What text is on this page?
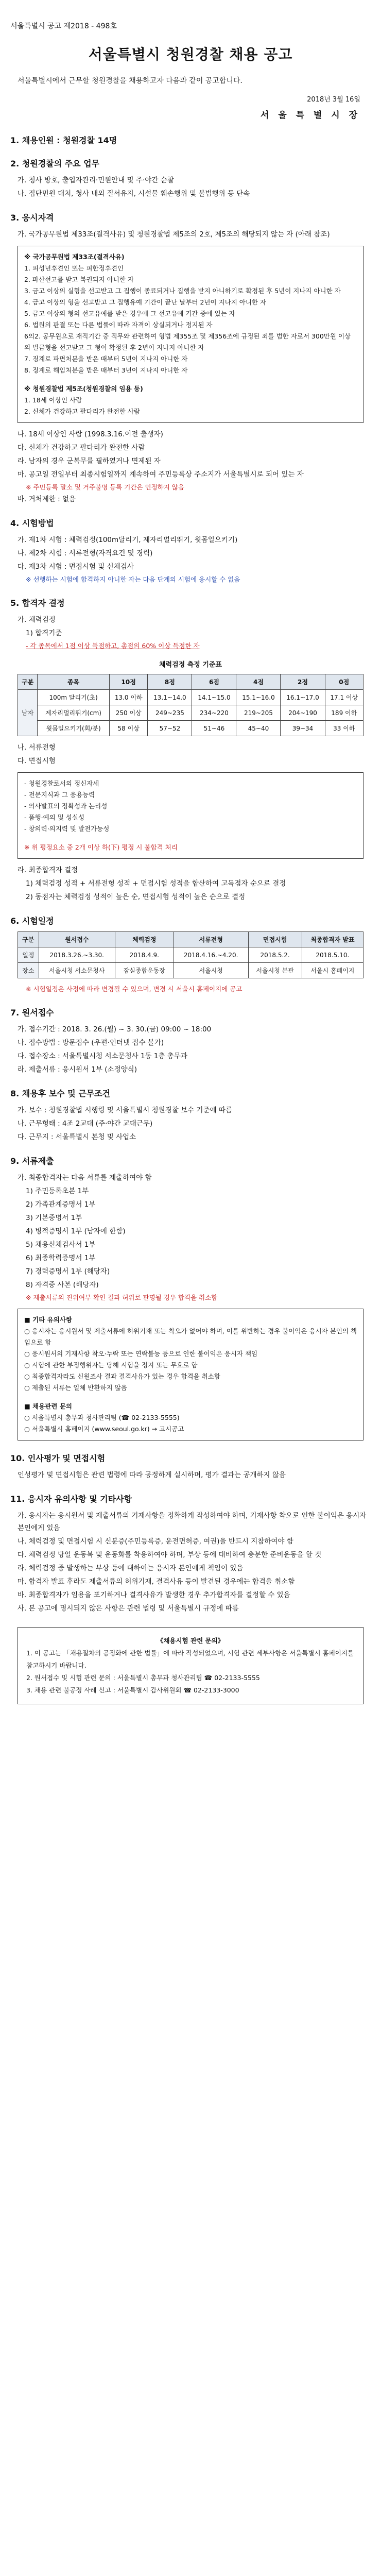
서울특별시 공고 제2018 - 498호
서울특별시 청원경찰 채용 공고
서울특별시에서 근무할 청원경찰을 채용하고자 다음과 같이 공고합니다.
2018년 3월 16일
서 울 특 별 시 장
1. 채용인원 : 청원경찰 14명
2. 청원경찰의 주요 업무
가. 청사 방호, 출입자관리·민원안내 및 주·야간 순찰
나. 집단민원 대처, 청사 내외 질서유지, 시설물 훼손행위 및 불법행위 등 단속
3. 응시자격
가. 국가공무원법 제33조(결격사유) 및 청원경찰법 제5조의 2호, 제5조의 해당되지 않는 자 (아래 참조)
※ 국가공무원법 제33조(결격사유)
1. 피성년후견인 또는 피한정후견인
2. 파산선고를 받고 복권되지 아니한 자
3. 금고 이상의 실형을 선고받고 그 집행이 종료되거나 집행을 받지 아니하기로 확정된 후 5년이 지나지 아니한 자
4. 금고 이상의 형을 선고받고 그 집행유예 기간이 끝난 날부터 2년이 지나지 아니한 자
5. 금고 이상의 형의 선고유예를 받은 경우에 그 선고유예 기간 중에 있는 자
6. 법원의 판결 또는 다른 법률에 따라 자격이 상실되거나 정지된 자
6의2. 공무원으로 재직기간 중 직무와 관련하여 형법 제355조 및 제356조에 규정된 죄를 범한 자로서 300만원 이상의 벌금형을 선고받고 그 형이 확정된 후 2년이 지나지 아니한 자
7. 징계로 파면처분을 받은 때부터 5년이 지나지 아니한 자
8. 징계로 해임처분을 받은 때부터 3년이 지나지 아니한 자
※ 청원경찰법 제5조(청원경찰의 임용 등)
1. 18세 이상인 사람
2. 신체가 건강하고 팔다리가 완전한 사람
나. 18세 이상인 사람 (1998.3.16.이전 출생자)
다. 신체가 건강하고 팔다리가 완전한 사람
라. 남자의 경우 군복무를 필하였거나 면제된 자
마. 공고일 전일부터 최종시험일까지 계속하여 주민등록상 주소지가 서울특별시로 되어 있는 자
※ 주민등록 말소 및 거주불명 등록 기간은 인정하지 않음
바. 거처제한 : 없음
4. 시험방법
가. 제1차 시험 : 체력검정(100m달리기, 제자리멀리뛰기, 윗몸일으키기)
나. 제2차 시험 : 서류전형(자격요건 및 경력)
다. 제3차 시험 : 면접시험 및 신체검사
※ 선행하는 시험에 합격하지 아니한 자는 다음 단계의 시험에 응시할 수 없음
5. 합격자 결정
가. 체력검정
1) 합격기준
- 각 종목에서 1점 이상 득점하고, 총점의 60% 이상 득점한 자
체력검정 측정 기준표
구분	종목	10점	8점	6점	4점	2점	0점
남자	100m 달리기(초)	13.0 이하	13.1~14.0	14.1~15.0	15.1~16.0	16.1~17.0	17.1 이상
	제자리멀리뛰기(cm)	250 이상	249~235	234~220	219~205	204~190	189 이하
	윗몸일으키기(회/분)	58 이상	57~52	51~46	45~40	39~34	33 이하
나. 서류전형
다. 면접시험
- 청원경찰로서의 정신자세
- 전문지식과 그 응용능력
- 의사발표의 정확성과 논리성
- 품행·예의 및 성실성
- 창의력·의지력 및 발전가능성
※ 위 평정요소 중 2개 이상 하(下) 평정 시 불합격 처리
라. 최종합격자 결정
1) 체력검정 성적 + 서류전형 성적 + 면접시험 성적을 합산하여 고득점자 순으로 결정
2) 동점자는 체력검정 성적이 높은 순, 면접시험 성적이 높은 순으로 결정
6. 시험일정
구분	원서접수	체력검정	서류전형	면접시험	최종합격자 발표
일정	2018.3.26.~3.30.	2018.4.9.	2018.4.16.~4.20.	2018.5.2.	2018.5.10.
장소	서울시청 서소문청사	잠실종합운동장	서울시청	서울시청 본관	서울시 홈페이지
※ 시험일정은 사정에 따라 변경될 수 있으며, 변경 시 서울시 홈페이지에 공고
7. 원서접수
가. 접수기간 : 2018. 3. 26.(월) ~ 3. 30.(금) 09:00 ~ 18:00
나. 접수방법 : 방문접수 (우편·인터넷 접수 불가)
다. 접수장소 : 서울특별시청 서소문청사 1동 1층 총무과
라. 제출서류 : 응시원서 1부 (소정양식)
8. 채용후 보수 및 근무조건
가. 보수 : 청원경찰법 시행령 및 서울특별시 청원경찰 보수 기준에 따름
나. 근무형태 : 4조 2교대 (주·야간 교대근무)
다. 근무지 : 서울특별시 본청 및 사업소
9. 서류제출
가. 최종합격자는 다음 서류를 제출하여야 함
1) 주민등록초본 1부
2) 가족관계증명서 1부
3) 기본증명서 1부
4) 병적증명서 1부 (남자에 한함)
5) 채용신체검사서 1부
6) 최종학력증명서 1부
7) 경력증명서 1부 (해당자)
8) 자격증 사본 (해당자)
※ 제출서류의 진위여부 확인 결과 허위로 판명될 경우 합격을 취소함
■ 기타 유의사항
○ 응시자는 응시원서 및 제출서류에 허위기재 또는 착오가 없어야 하며, 이를 위반하는 경우 불이익은 응시자 본인의 책임으로 함
○ 응시원서의 기재사항 착오·누락 또는 연락불능 등으로 인한 불이익은 응시자 책임
○ 시험에 관한 부정행위자는 당해 시험을 정지 또는 무효로 함
○ 최종합격자라도 신원조사 결과 결격사유가 있는 경우 합격을 취소함
○ 제출된 서류는 일체 반환하지 않음
■ 채용관련 문의
○ 서울특별시 총무과 청사관리팀 (☎ 02-2133-5555)
○ 서울특별시 홈페이지 (www.seoul.go.kr) → 고시공고
10. 인사평가 및 면접시험
인성평가 및 면접시험은 관련 법령에 따라 공정하게 실시하며, 평가 결과는 공개하지 않음
11. 응시자 유의사항 및 기타사항
가. 응시자는 응시원서 및 제출서류의 기재사항을 정확하게 작성하여야 하며, 기재사항 착오로 인한 불이익은 응시자 본인에게 있음
나. 체력검정 및 면접시험 시 신분증(주민등록증, 운전면허증, 여권)을 반드시 지참하여야 함
다. 체력검정 당일 운동복 및 운동화를 착용하여야 하며, 부상 등에 대비하여 충분한 준비운동을 할 것
라. 체력검정 중 발생하는 부상 등에 대하여는 응시자 본인에게 책임이 있음
마. 합격자 발표 후라도 제출서류의 허위기재, 결격사유 등이 발견된 경우에는 합격을 취소함
바. 최종합격자가 임용을 포기하거나 결격사유가 발생한 경우 추가합격자를 결정할 수 있음
사. 본 공고에 명시되지 않은 사항은 관련 법령 및 서울특별시 규정에 따름
《채용시험 관련 문의》
1. 이 공고는 「채용절차의 공정화에 관한 법률」에 따라 작성되었으며, 시험 관련 세부사항은 서울특별시 홈페이지를 참고하시기 바랍니다.
2. 원서접수 및 시험 관련 문의 : 서울특별시 총무과 청사관리팀 ☎ 02-2133-5555
3. 채용 관련 불공정 사례 신고 : 서울특별시 감사위원회 ☎ 02-2133-3000
